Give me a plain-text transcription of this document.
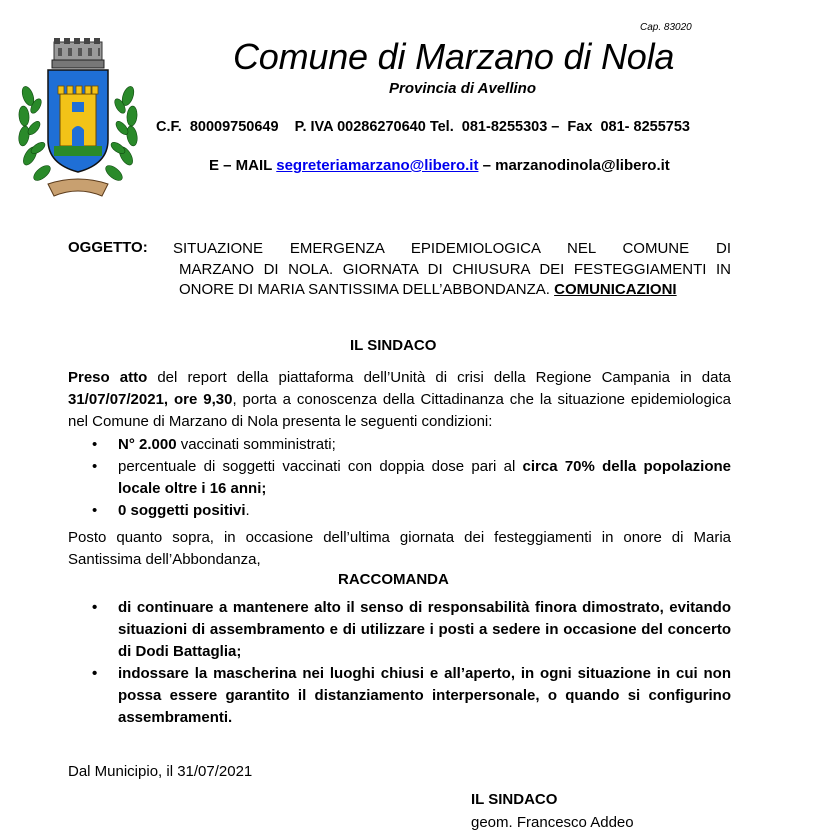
Cap. 83020
Comune di Marzano di Nola
Provincia di Avellino
C.F.  80009750649    P. IVA 00286270640 Tel.  081-8255303 –  Fax  081- 8255753
E – MAIL segreteriamarzano@libero.it – marzanodinola@libero.it
OGGETTO: SITUAZIONE EMERGENZA EPIDEMIOLOGICA NEL COMUNE DI
MARZANO DI NOLA. GIORNATA DI CHIUSURA DEI FESTEGGIAMENTI IN ONORE DI MARIA SANTISSIMA DELL’ABBONDANZA. COMUNICAZIONI
IL SINDACO
Preso atto del report della piattaforma dell’Unità di crisi della Regione Campania in data 31/07/07/2021, ore 9,30, porta a conoscenza della Cittadinanza che la situazione epidemiologica nel Comune di Marzano di Nola presenta le seguenti condizioni:
• N° 2.000 vaccinati somministrati;
• percentuale di soggetti vaccinati con doppia dose pari al circa 70% della popolazione locale oltre i 16 anni;
• 0 soggetti positivi.
Posto quanto sopra, in occasione dell’ultima giornata dei festeggiamenti in onore di Maria Santissima dell’Abbondanza,
RACCOMANDA
• di continuare a mantenere alto il senso di responsabilità finora dimostrato, evitando situazioni di assembramento e di utilizzare i posti a sedere in occasione del concerto di Dodi Battaglia;
• indossare la mascherina nei luoghi chiusi e all’aperto, in ogni situazione in cui non possa essere garantito il distanziamento interpersonale, o quando si configurino assembramenti.
Dal Municipio, il 31/07/2021
IL SINDACO
geom. Francesco Addeo
